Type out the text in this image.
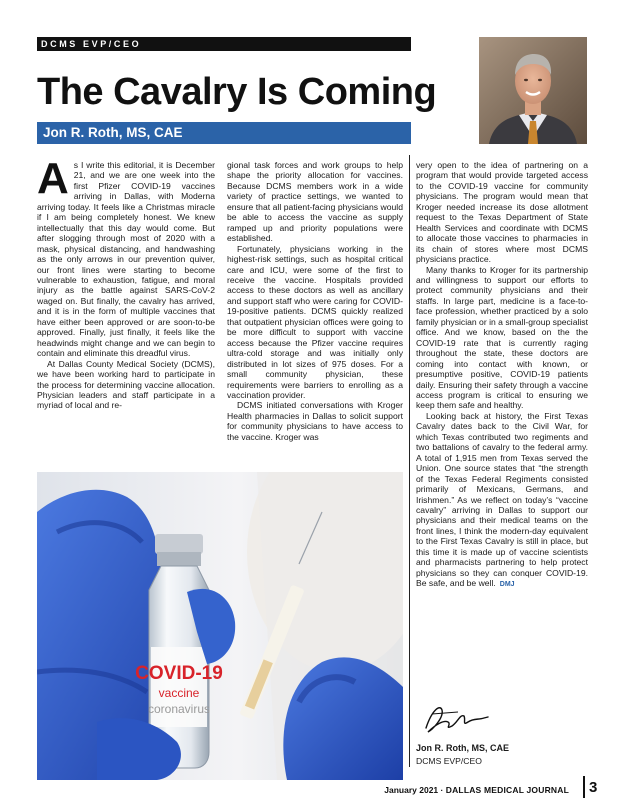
DCMS EVP/CEO
The Cavalry Is Coming
Jon R. Roth, MS, CAE

As I write this editorial, it is December 21, and we are one week into the first Pfizer COVID-19 vaccines arriving in Dallas, with Moderna arriving today. It feels like a Christmas miracle if I am being completely honest. We knew intellectually that this day would come. But after slogging through most of 2020 with a mask, physical distancing, and handwashing as the only arrows in our prevention quiver, our front lines were starting to become vulnerable to exhaustion, fatigue, and moral injury as the battle against SARS-CoV-2 waged on. But finally, the cavalry has arrived, and it is in the form of multiple vaccines that have either been approved or are soon-to-be approved. Finally, just finally, it feels like the headwinds might change and we can begin to contain and eliminate this dreadful virus.

At Dallas County Medical Society (DCMS), we have been working hard to participate in the process for determining vaccine allocation. Physician leaders and staff participate in a myriad of local and re-

gional task forces and work groups to help shape the priority allocation for vaccines. Because DCMS members work in a wide variety of practice settings, we wanted to ensure that all patient-facing physicians would be able to access the vaccine as supply ramped up and priority populations were established.

Fortunately, physicians working in the highest-risk settings, such as hospital critical care and ICU, were some of the first to receive the vaccine. Hospitals provided access to these doctors as well as ancillary and support staff who were caring for COVID-19-positive patients. DCMS quickly realized that outpatient physician offices were going to be more difficult to support with vaccine access because the Pfizer vaccine requires ultra-cold storage and was initially only distributed in lot sizes of 975 doses. For a small community physician, these requirements were barriers to enrolling as a vaccination provider.

DCMS initiated conversations with Kroger Health pharmacies in Dallas to solicit support for community physicians to have access to the vaccine. Kroger was

very open to the idea of partnering on a program that would provide targeted access to the COVID-19 vaccine for community physicians. The program would mean that Kroger needed increase its dose allotment request to the Texas Department of State Health Services and coordinate with DCMS to allocate those vaccines to pharmacies in its chain of stores where most DCMS physicians practice.

Many thanks to Kroger for its partnership and willingness to support our efforts to protect community physicians and their staffs. In large part, medicine is a face-to-face profession, whether practiced by a solo family physician or in a small-group specialist office. And we know, based on the the COVID-19 rate that is currently raging throughout the state, these doctors are coming into contact with known, or presumptive positive, COVID-19 patients daily. Ensuring their safety through a vaccine access program is critical to ensuring we keep them safe and healthy.

Looking back at history, the First Texas Cavalry dates back to the Civil War, for which Texas contributed two regiments and two battalions of cavalry to the federal army. A total of 1,915 men from Texas served the Union. One source states that “the strength of the Texas Federal Regiments consisted primarily of Mexicans, Germans, and Irishmen.” As we reflect on today’s “vaccine cavalry” arriving in Dallas to support our physicians and their medical teams on the front lines, I think the modern-day equivalent to the First Texas Cavalry is still in place, but this time it is made up of vaccine scientists and pharmacists partnering to help protect physicians so they can conquer COVID-19. Be safe, and be well. DMJ

COVID-19
vaccine
coronavirus
Jon R. Roth, MS, CAE
DCMS EVP/CEO
January 2021 · DALLAS MEDICAL JOURNAL 3
